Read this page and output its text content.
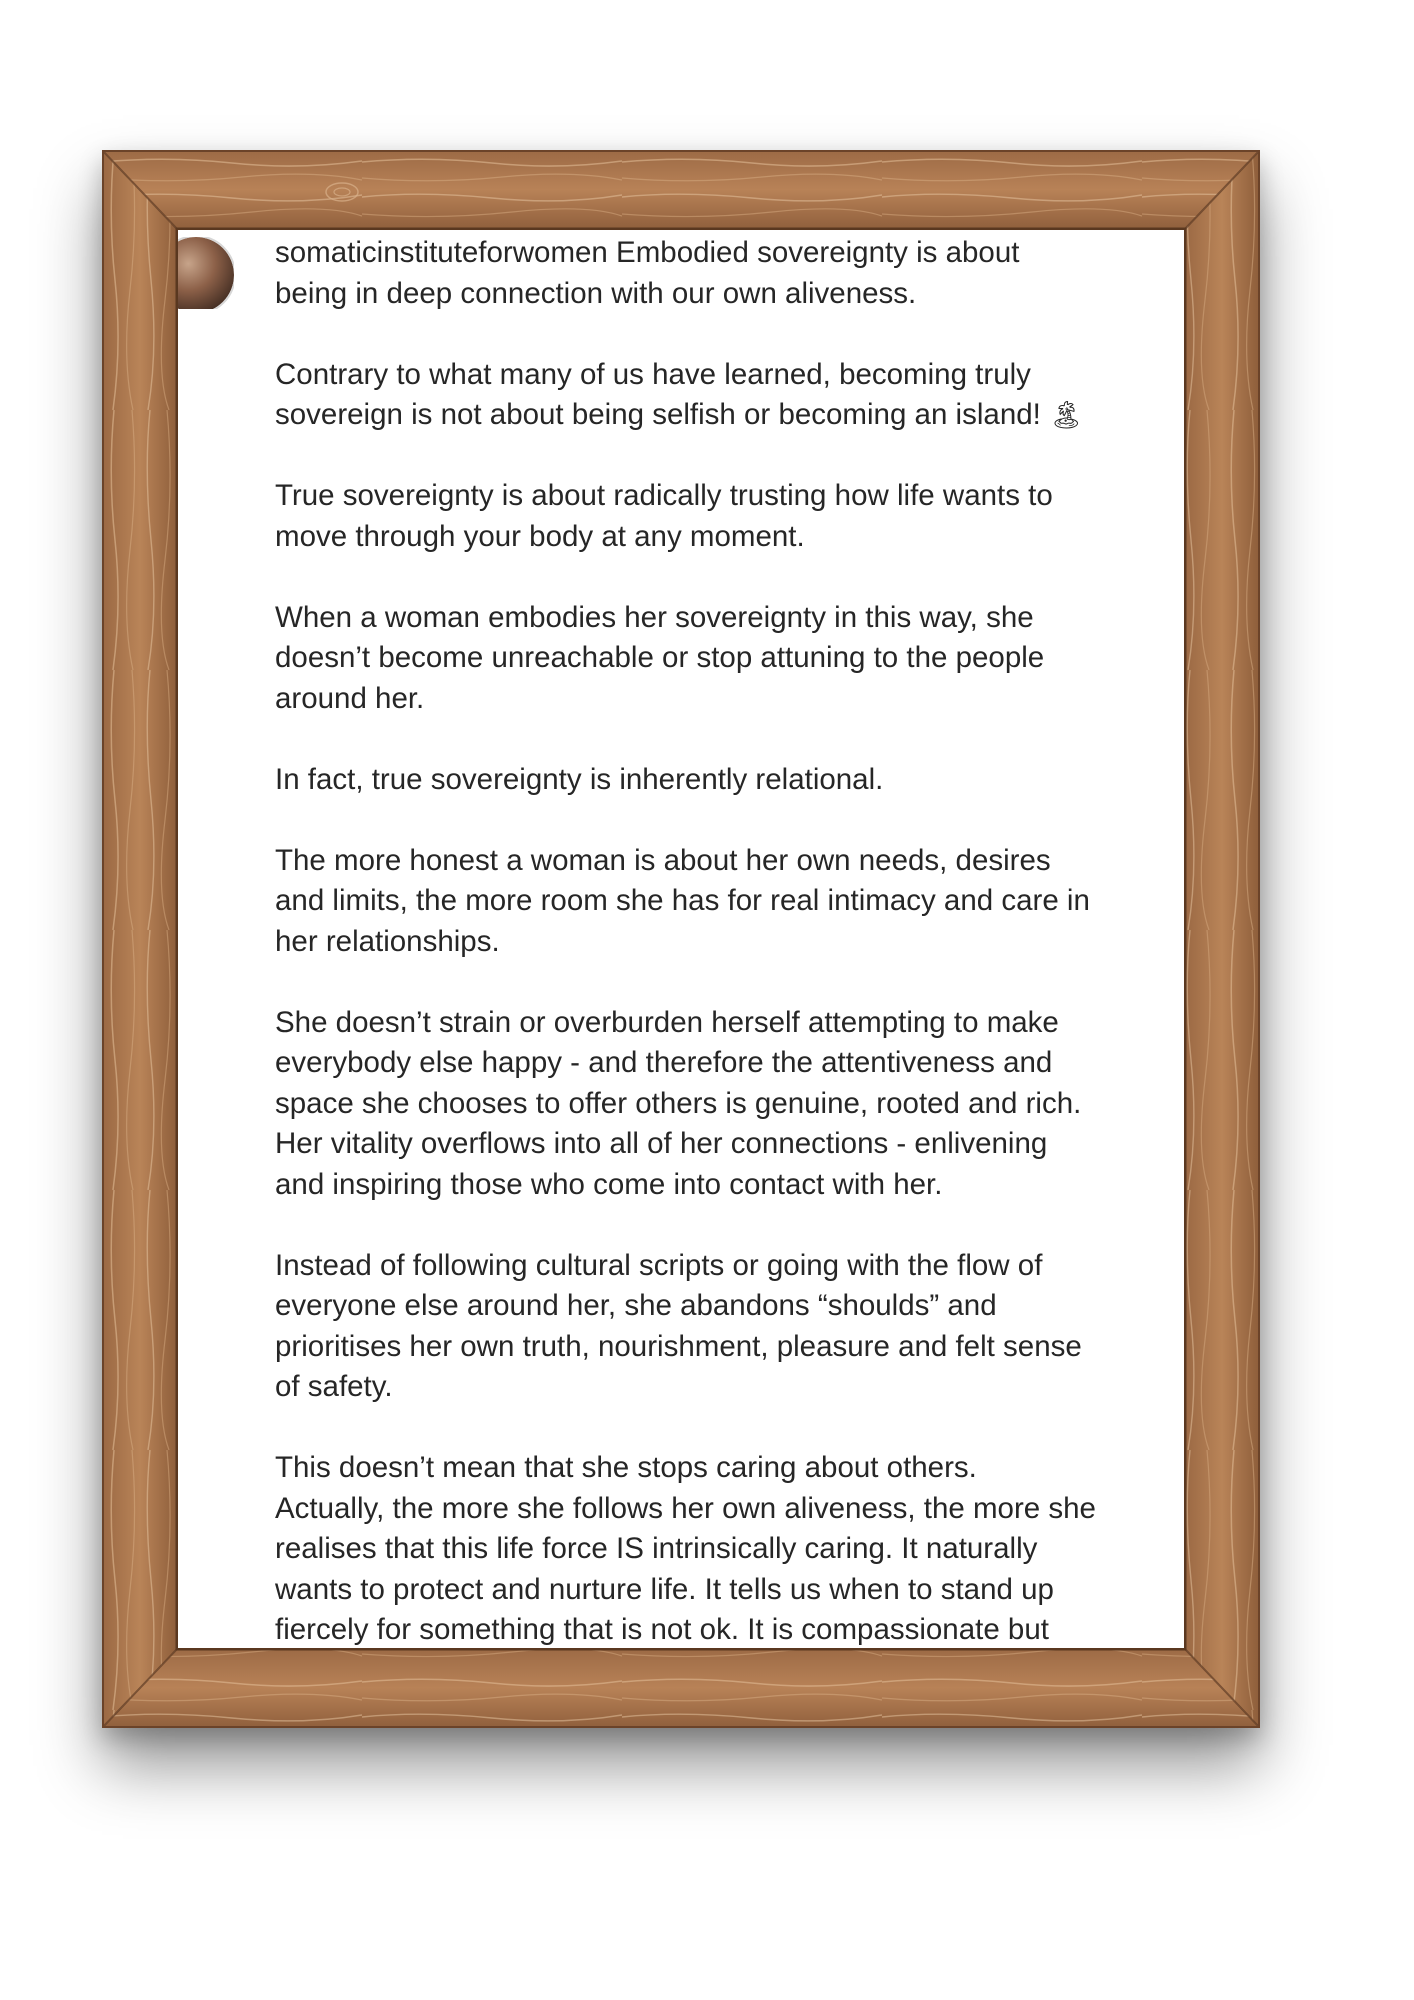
somaticinstituteforwomen Embodied sovereignty is about
being in deep connection with our own aliveness.

Contrary to what many of us have learned, becoming truly
sovereign is not about being selfish or becoming an island! 🏝

True sovereignty is about radically trusting how life wants to
move through your body at any moment.

When a woman embodies her sovereignty in this way, she
doesn’t become unreachable or stop attuning to the people
around her.

In fact, true sovereignty is inherently relational.

The more honest a woman is about her own needs, desires
and limits, the more room she has for real intimacy and care in
her relationships.

She doesn’t strain or overburden herself attempting to make
everybody else happy - and therefore the attentiveness and
space she chooses to offer others is genuine, rooted and rich.
Her vitality overflows into all of her connections - enlivening
and inspiring those who come into contact with her.

Instead of following cultural scripts or going with the flow of
everyone else around her, she abandons “shoulds” and
prioritises her own truth, nourishment, pleasure and felt sense
of safety.

This doesn’t mean that she stops caring about others.
Actually, the more she follows her own aliveness, the more she
realises that this life force IS intrinsically caring. It naturally
wants to protect and nurture life. It tells us when to stand up
fiercely for something that is not ok. It is compassionate but
